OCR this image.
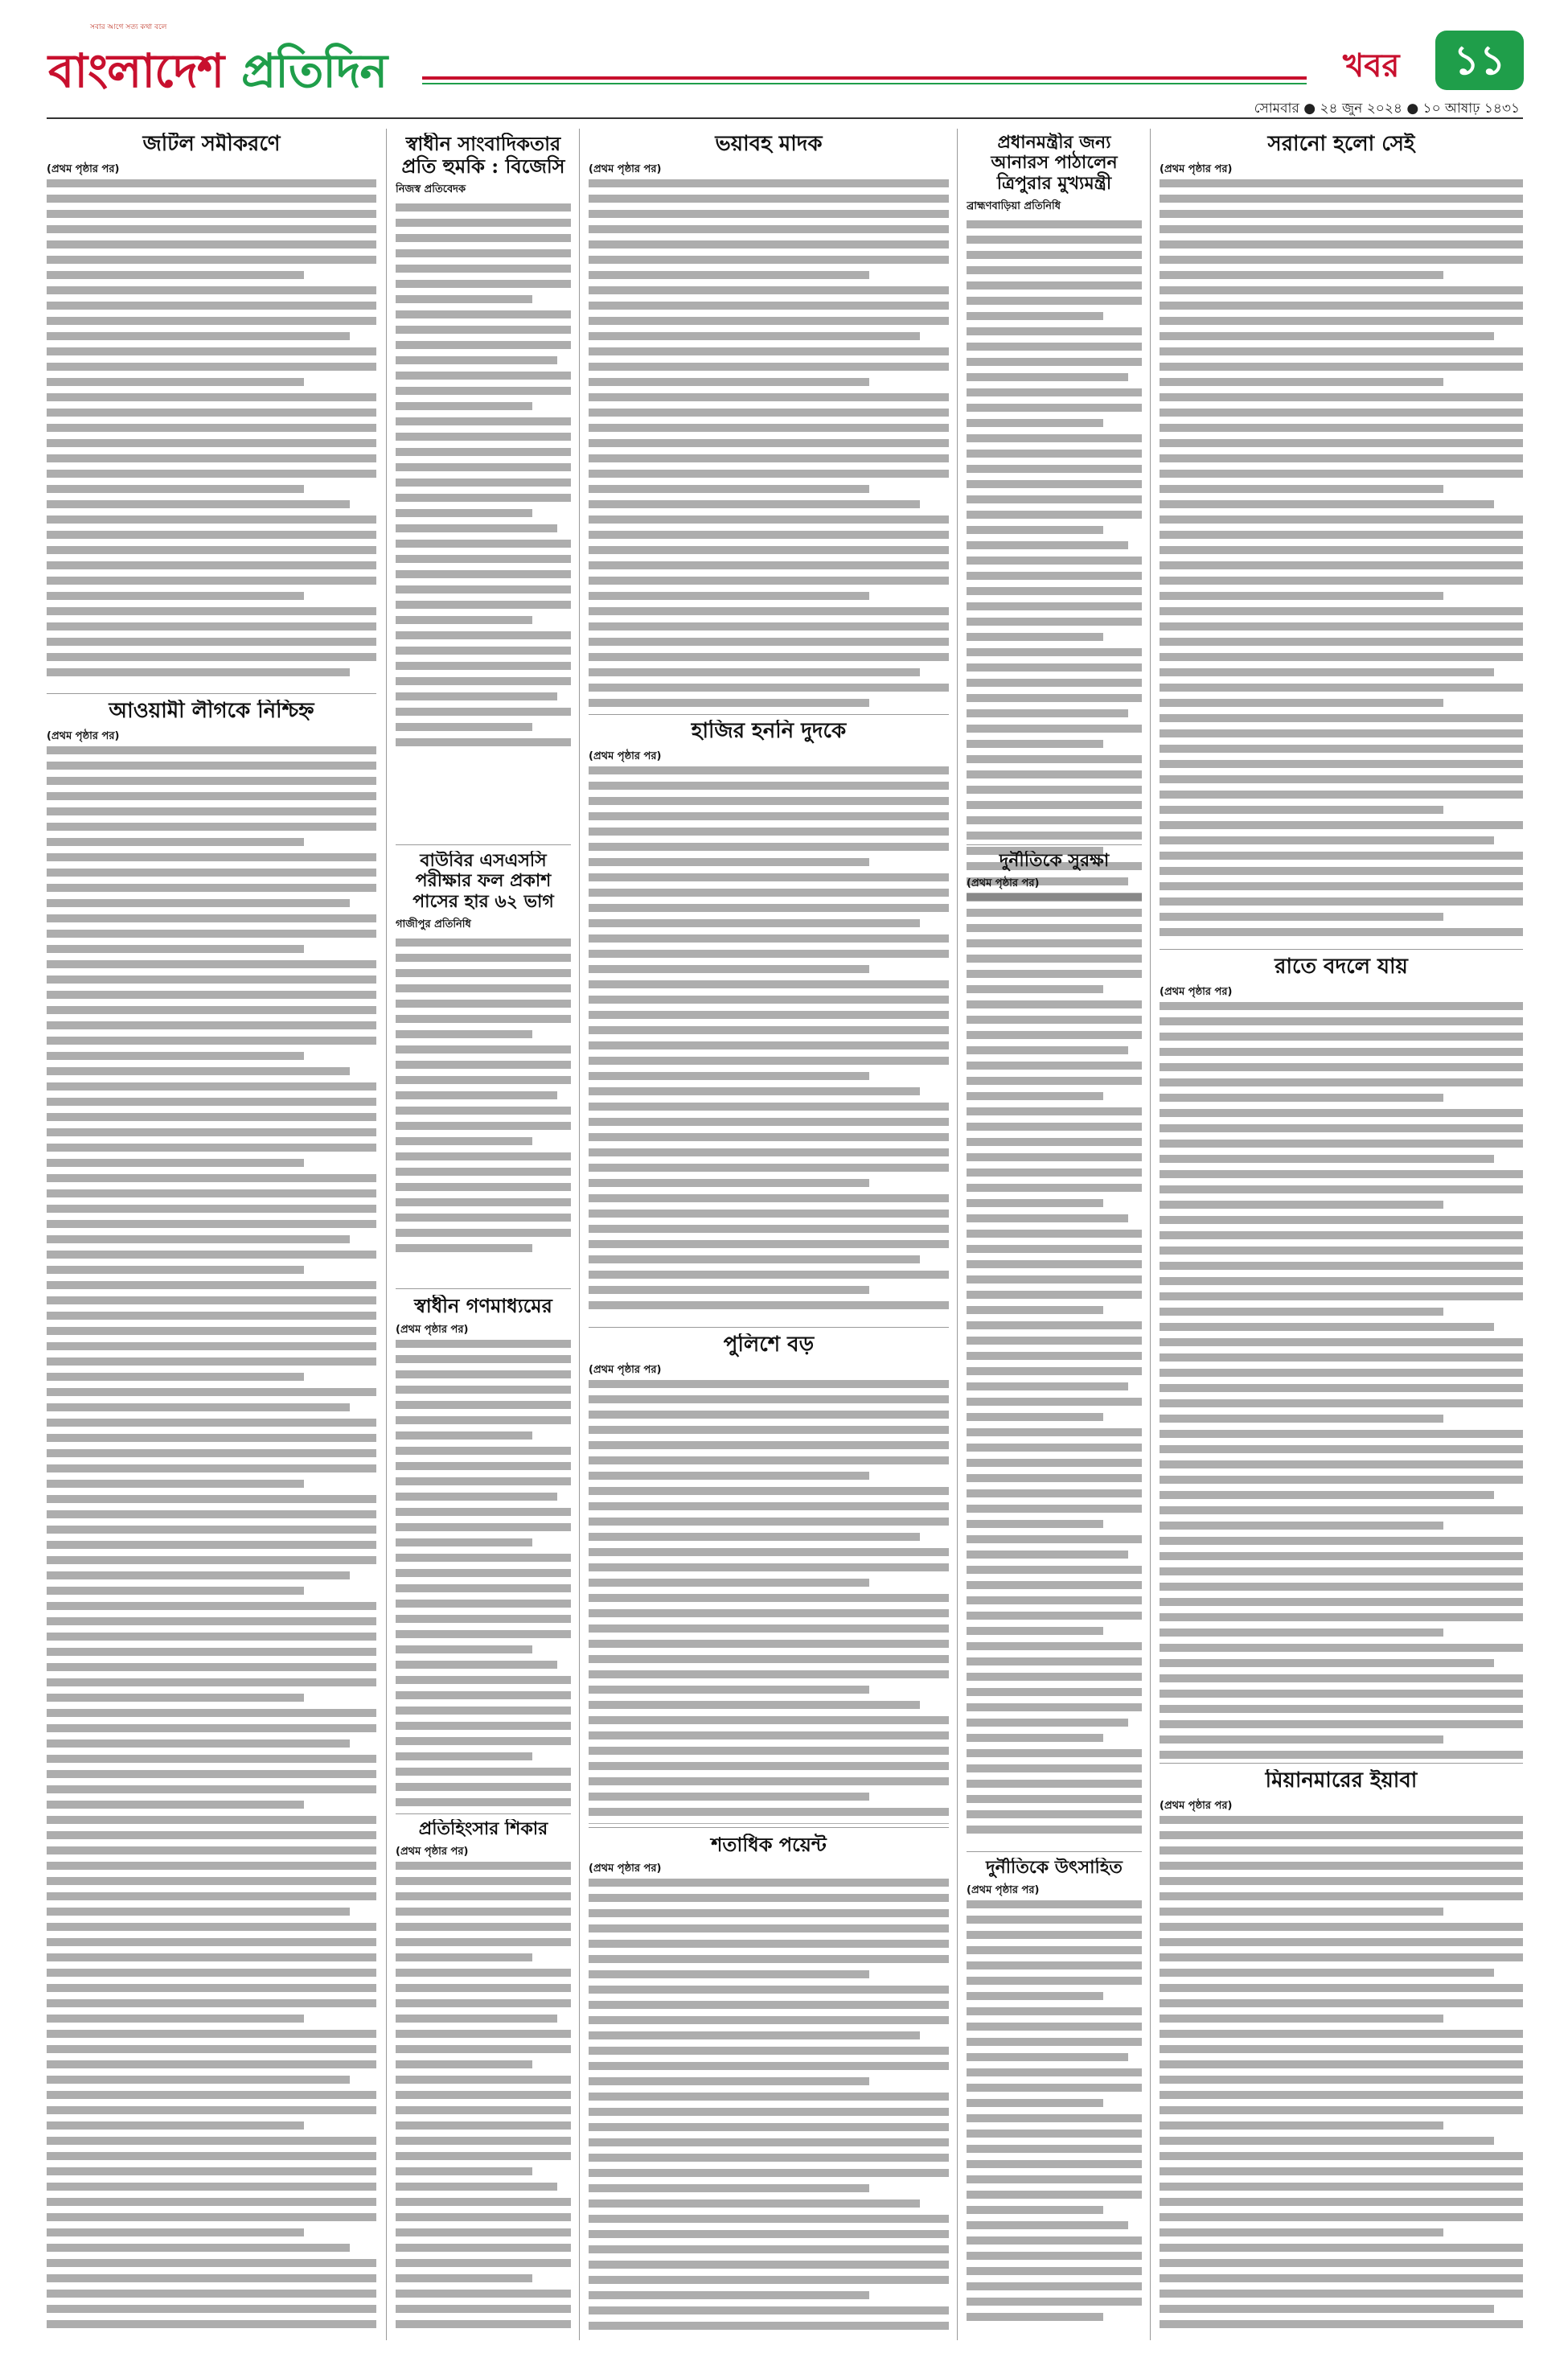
সবার আগে সত্য কথা বলে
বাংলাদেশ প্রতিদিন	খবর	১১
সোমবার ● ২৪ জুন ২০২৪ ● ১০ আষাঢ় ১৪৩১
জটিল সমীকরণে
(প্রথম পৃষ্ঠার পর)
আওয়ামী লীগকে নিশ্চিহ্ন
(প্রথম পৃষ্ঠার পর)
স্বাধীন সাংবাদিকতার প্রতি হুমকি : বিজেসি
নিজস্ব প্রতিবেদক
বাউবির এসএসসি পরীক্ষার ফল প্রকাশ পাসের হার ৬২ ভাগ
গাজীপুর প্রতিনিধি
স্বাধীন গণমাধ্যমের
(প্রথম পৃষ্ঠার পর)
প্রতিহিংসার শিকার
(প্রথম পৃষ্ঠার পর)
ভয়াবহ মাদক
(প্রথম পৃষ্ঠার পর)
হাজির হননি দুদকে
(প্রথম পৃষ্ঠার পর)
পুলিশে বড়
(প্রথম পৃষ্ঠার পর)
শতাধিক পয়েন্ট
(প্রথম পৃষ্ঠার পর)
প্রধানমন্ত্রীর জন্য আনারস পাঠালেন ত্রিপুরার মুখ্যমন্ত্রী
ব্রাহ্মণবাড়িয়া প্রতিনিধি
দুর্নীতিকে সুরক্ষা
(প্রথম পৃষ্ঠার পর)
দুর্নীতিকে উৎসাহিত
(প্রথম পৃষ্ঠার পর)
সরানো হলো সেই
(প্রথম পৃষ্ঠার পর)
রাতে বদলে যায়
(প্রথম পৃষ্ঠার পর)
মিয়ানমারের ইয়াবা
(প্রথম পৃষ্ঠার পর)
